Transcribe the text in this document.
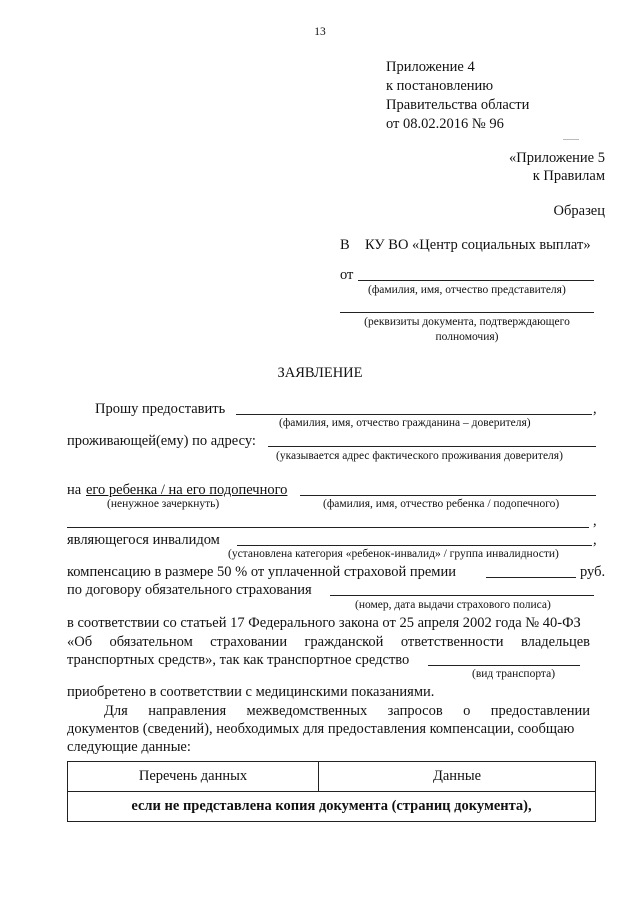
13
Приложение 4
к постановлению
Правительства области
от 08.02.2016 № 96
«Приложение 5
к Правилам
Образец
В КУ ВО «Центр социальных выплат»
от
(фамилия, имя, отчество представителя)
(реквизиты документа, подтверждающего
полномочия)
ЗАЯВЛЕНИЕ
Прошу предоставить	,
(фамилия, имя, отчество гражданина – доверителя)
проживающей(ему) по адресу:
(указывается адрес фактического проживания доверителя)
на его ребенка / на его подопечного
(ненужное зачеркнуть)	(фамилия, имя, отчество ребенка / подопечного)
,
являющегося инвалидом	,
(установлена категория «ребенок-инвалид» / группа инвалидности)
компенсацию в размере 50 % от уплаченной страховой премии	руб.
по договору обязательного страхования
(номер, дата выдачи страхового полиса)
в соответствии со статьей 17 Федерального закона от 25 апреля 2002 года № 40-ФЗ
«Об обязательном страховании гражданской ответственности владельцев
транспортных средств», так как транспортное средство
(вид транспорта)
приобретено в соответствии с медицинскими показаниями.
Для направления межведомственных запросов о предоставлении
документов (сведений), необходимых для предоставления компенсации, сообщаю
следующие данные:
Перечень данных	Данные
если не представлена копия документа (страниц документа),
